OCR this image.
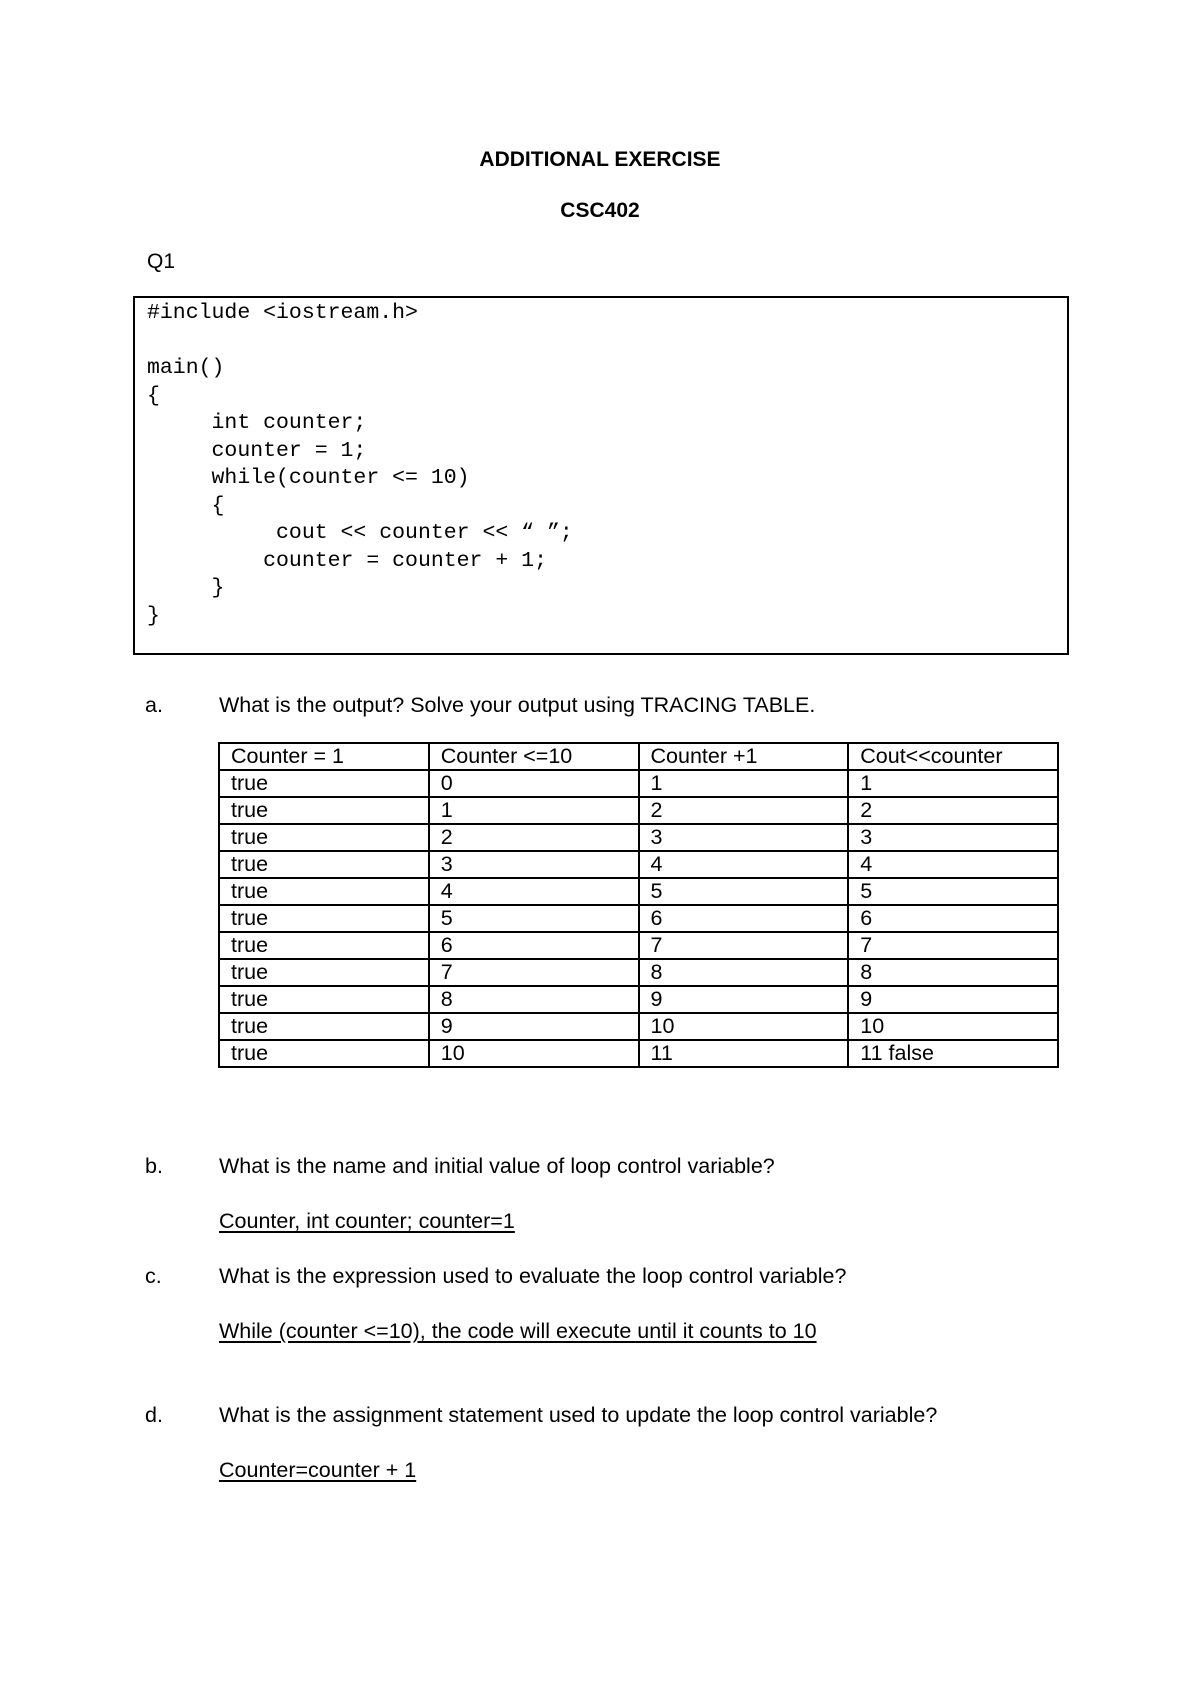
ADDITIONAL EXERCISE
CSC402
Q1
#include <iostream.h>

main()
{
int counter;
counter = 1;
while(counter <= 10)
{
cout << counter << “ ”;
counter = counter + 1;
}
}
a.	What is the output? Solve your output using TRACING TABLE.
Counter = 1	Counter <=10	Counter +1	Cout<<counter
true	0	1	1
true	1	2	2
true	2	3	3
true	3	4	4
true	4	5	5
true	5	6	6
true	6	7	7
true	7	8	8
true	8	9	9
true	9	10	10
true	10	11	11 false
b.	What is the name and initial value of loop control variable?
Counter, int counter; counter=1
c.	What is the expression used to evaluate the loop control variable?
While (counter <=10), the code will execute until it counts to 10
d.	What is the assignment statement used to update the loop control variable?
Counter=counter + 1
